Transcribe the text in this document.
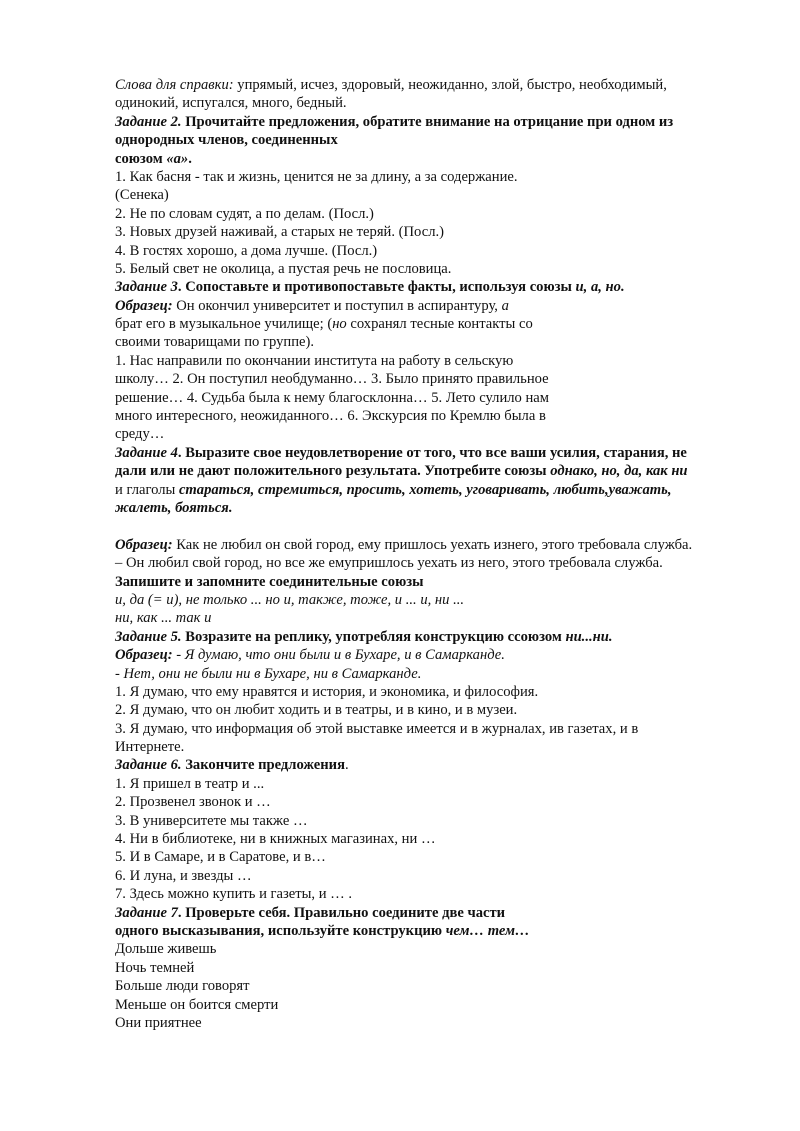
Слова для справки: упрямый, исчез, здоровый, неожиданно, злой, быстро, необходимый,
одинокий, испугался, много, бедный.
Задание 2. Прочитайте предложения, обратите внимание на отрицание при одном из
однородных членов, соединенных
союзом «а».
1. Как басня - так и жизнь, ценится не за длину, а за содержание.
(Сенека)
2. Не по словам судят, а по делам. (Посл.)
3. Новых друзей наживай, а старых не теряй. (Посл.)
4. В гостях хорошо, а дома лучше. (Посл.)
5. Белый свет не околица, а пустая речь не пословица.
Задание 3. Сопоставьте и противопоставьте факты, используя союзы и, а, но.
Образец: Он окончил университет и поступил в аспирантуру, а
брат его в музыкальное училище; (но сохранял тесные контакты со
своими товарищами по группе).
1. Нас направили по окончании института на работу в сельскую
школу… 2. Он поступил необдуманно… 3. Было принято правильное
решение… 4. Судьба была к нему благосклонна… 5. Лето сулило нам
много интересного, неожиданного… 6. Экскурсия по Кремлю была в
среду…
Задание 4. Выразите свое неудовлетворение от того, что все ваши усилия, старания, не
дали или не дают положительного результата. Употребите союзы однако, но, да, как ни
и глаголы стараться, стремиться, просить, хотеть, уговаривать, любить,уважать,
жалеть, бояться.
Образец: Как не любил он свой город, ему пришлось уехать изнего, этого требовала служба.
– Он любил свой город, но все же емупришлось уехать из него, этого требовала служба.
Запишите и запомните соединительные союзы
и, да (= и), не только ... но и, также, тоже, и ... и, ни ...
ни, как ... так и
Задание 5. Возразите на реплику, употребляя конструкцию ссоюзом ни...ни.
Образец: - Я думаю, что они были и в Бухаре, и в Самарканде.
- Нет, они не были ни в Бухаре, ни в Самарканде.
1. Я думаю, что ему нравятся и история, и экономика, и философия.
2. Я думаю, что он любит ходить и в театры, и в кино, и в музеи.
3. Я думаю, что информация об этой выставке имеется и в журналах, ив газетах, и в
Интернете.
Задание 6. Закончите предложения.
1. Я пришел в театр и ...
2. Прозвенел звонок и …
3. В университете мы также …
4. Ни в библиотеке, ни в книжных магазинах, ни …
5. И в Самаре, и в Саратове, и в…
6. И луна, и звезды …
7. Здесь можно купить и газеты, и … .
Задание 7. Проверьте себя. Правильно соедините две части
одного высказывания, используйте конструкцию чем… тем…
Дольше живешь
Ночь темней
Больше люди говорят
Меньше он боится смерти
Они приятнее
